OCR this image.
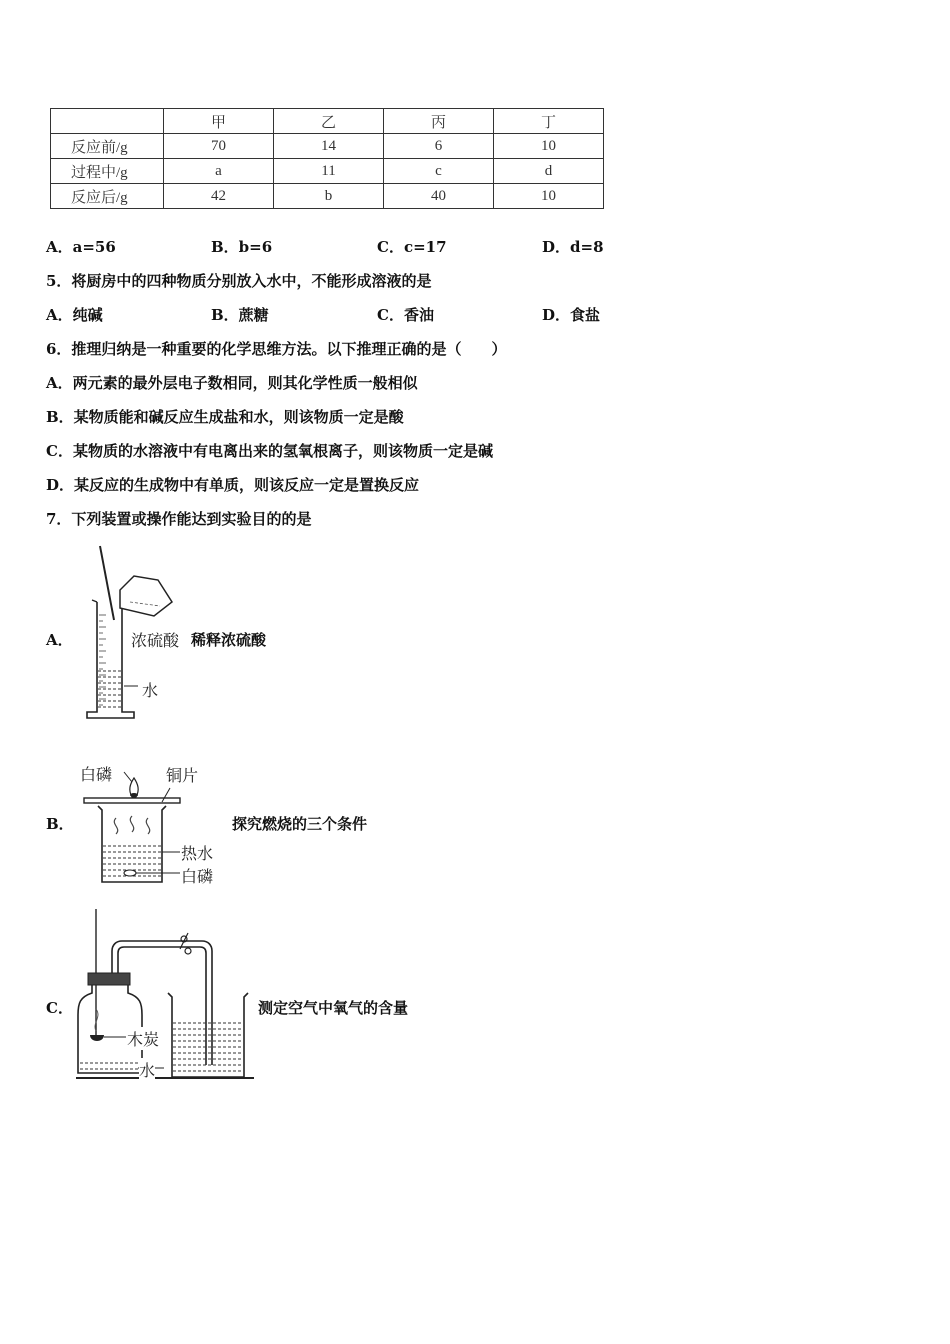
	甲	乙	丙	丁
反应前/g	70	14	6	10
过程中/g	a	11	c	d
反应后/g	42	b	40	10
A．a=56	B．b=6	C．c=17	D．d=8
5．将厨房中的四种物质分别放入水中，不能形成溶液的是
A．纯碱	B．蔗糖	C．香油	D．食盐
6．推理归纳是一种重要的化学思维方法。以下推理正确的是（　　）
A．两元素的最外层电子数相同，则其化学性质一般相似
B．某物质能和碱反应生成盐和水，则该物质一定是酸
C．某物质的水溶液中有电离出来的氢氧根离子，则该物质一定是碱
D．某反应的生成物中有单质，则该反应一定是置换反应
7．下列装置或操作能达到实验目的的是
A．	浓硫酸
水
稀释浓硫酸
B．
白磷	铜片
热水
白磷
探究燃烧的三个条件
C．
木炭
水
测定空气中氧气的含量
